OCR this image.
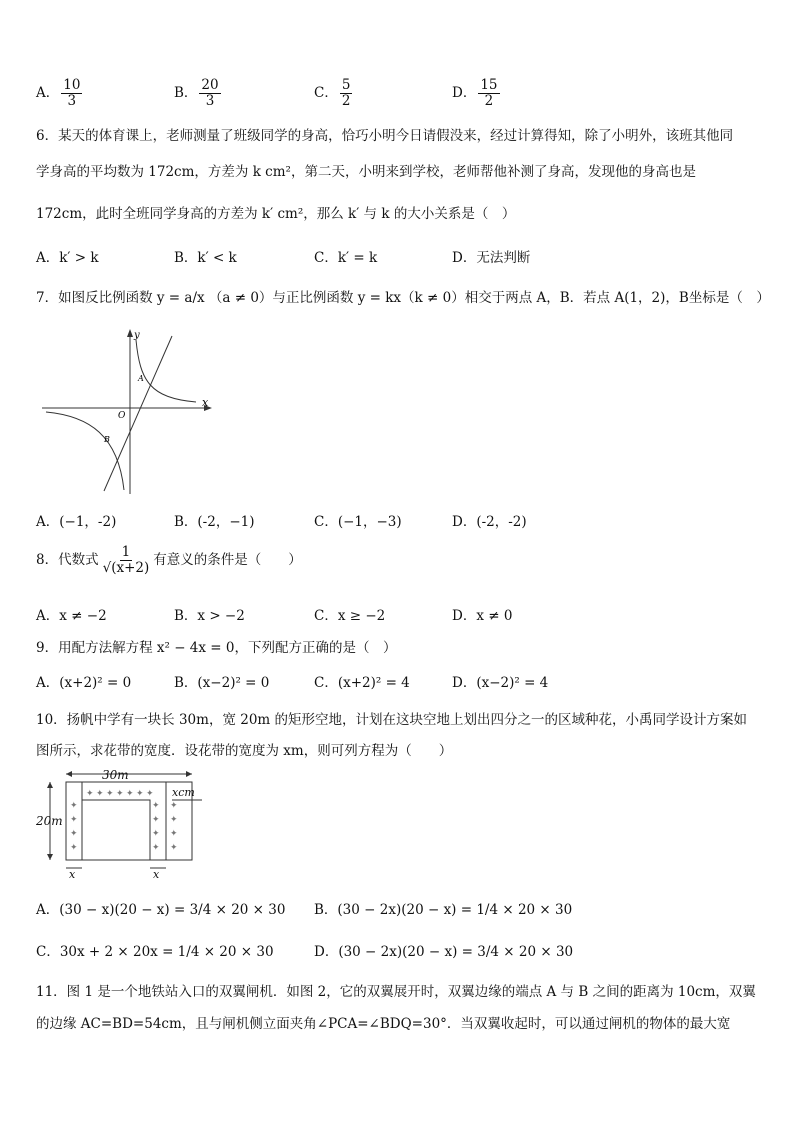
A． $\frac{10}{3}$	B． $\frac{20}{3}$	C． $\frac{5}{2}$	D． $\frac{15}{2}$
6．某天的体育课上，老师测量了班级同学的身高，恰巧小明今日请假没来，经过计算得知，除了小明外，该班其他同
学身高的平均数为 172cm，方差为 k cm²，第二天，小明来到学校，老师帮他补测了身高，发现他的身高也是
172cm，此时全班同学身高的方差为 k′ cm²，那么 k′ 与 k 的大小关系是（　）
A．k′ > k	B．k′ < k	C．k′ = k	D．无法判断
7．如图反比例函数 y = a/x （a ≠ 0）与正比例函数 y = kx（k ≠ 0）相交于两点 A，B．若点 A(1，2)，B坐标是（　）
y
x
O
A
B
A．(−1，-2)	B．(-2，−1)	C．(−1，−3)	D．(-2，-2)
8．代数式 $\frac{1}{√(x+2)}$ 有意义的条件是（　　）
A．x ≠ −2	B．x > −2	C．x ≥ −2	D．x ≠ 0
9．用配方法解方程 x² − 4x = 0，下列配方正确的是（　）
A．(x+2)² = 0	B．(x−2)² = 0	C．(x+2)² = 4	D．(x−2)² = 4
10．扬帆中学有一块长 30m，宽 20m 的矩形空地，计划在这块空地上划出四分之一的区域种花，小禹同学设计方案如
图所示，求花带的宽度．设花带的宽度为 xm，则可列方程为（　　）
✦ ✦ ✦ ✦ ✦ ✦ ✦
✦
✦
✦
✦
✦
✦
✦
✦
✦
✦
✦
✦
30m
20m
xcm
x	x
A．(30 − x)(20 − x) = 3/4 × 20 × 30 B．(30 − 2x)(20 − x) = 1/4 × 20 × 30
C．30x + 2 × 20x = 1/4 × 20 × 30	D．(30 − 2x)(20 − x) = 3/4 × 20 × 30
11．图 1 是一个地铁站入口的双翼闸机．如图 2，它的双翼展开时，双翼边缘的端点 A 与 B 之间的距离为 10cm，双翼
的边缘 AC=BD=54cm，且与闸机侧立面夹角∠PCA=∠BDQ=30°．当双翼收起时，可以通过闸机的物体的最大宽
